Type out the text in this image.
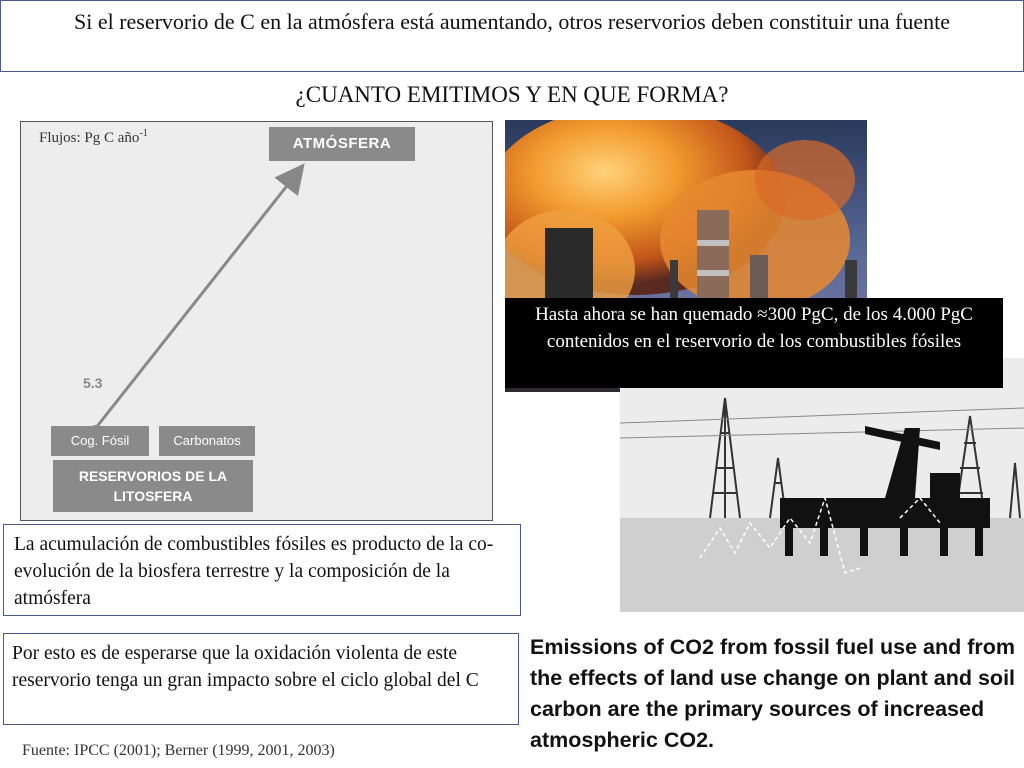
Si el reservorio de C en la atmósfera está aumentando, otros reservorios deben constituir una fuente
¿CUANTO EMITIMOS Y EN QUE FORMA?
Flujos: Pg C año$^{-1}$
ATMÓSFERA
5.3
Cog. Fósil	Carbonatos
RESERVORIOS DE LA LITOSFERA
Hasta ahora se han quemado ≈300 PgC, de los 4.000 PgC contenidos en el reservorio de los combustibles fósiles
La acumulación de combustibles fósiles es producto de la co-evolución de la biosfera terrestre y la composición de la atmósfera
Por esto es de esperarse que la oxidación violenta de este reservorio tenga un gran impacto sobre el ciclo global del C
Emissions of CO2 from fossil fuel use and from the effects of land use change on plant and soil carbon are the primary sources of increased atmospheric CO2.
Fuente: IPCC (2001); Berner (1999, 2001, 2003)
